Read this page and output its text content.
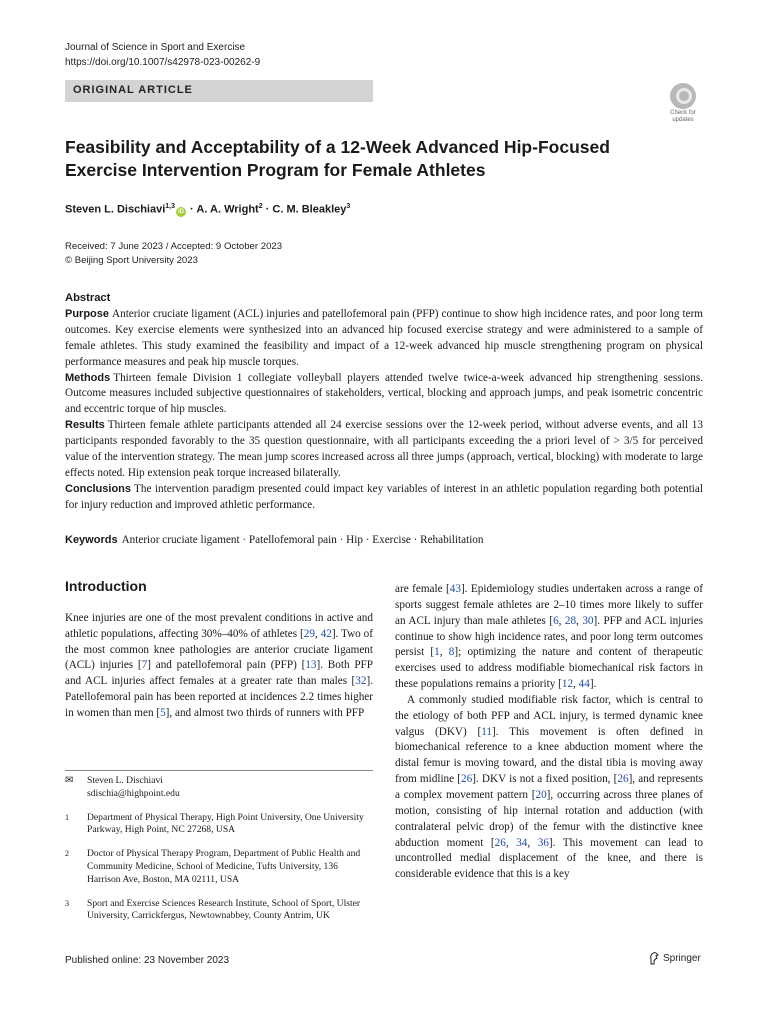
Journal of Science in Sport and Exercise
https://doi.org/10.1007/s42978-023-00262-9
ORIGINAL ARTICLE
Check for
updates
Feasibility and Acceptability of a 12-Week Advanced Hip-Focused
Exercise Intervention Program for Female Athletes
Steven L. Dischiavi$^{1,3}$iD · A. A. Wright$^2$ · C. M. Bleakley$^3$
Received: 7 June 2023 / Accepted: 9 October 2023
© Beijing Sport University 2023
Abstract
Purpose Anterior cruciate ligament (ACL) injuries and patellofemoral pain (PFP) continue to show high incidence rates, and poor long term outcomes. Key exercise elements were synthesized into an advanced hip focused exercise strategy and were administered to a sample of female athletes. This study examined the feasibility and impact of a 12-week advanced hip muscle strengthening program on physical performance measures and peak hip muscle torques.
Methods Thirteen female Division 1 collegiate volleyball players attended twelve twice-a-week advanced hip strengthening sessions. Outcome measures included subjective questionnaires of stakeholders, vertical, blocking and approach jumps, and peak isometric concentric and eccentric torque of hip muscles.
Results Thirteen female athlete participants attended all 24 exercise sessions over the 12-week period, without adverse events, and all 13 participants responded favorably to the 35 question questionnaire, with all participants exceeding the a priori level of > 3/5 for perceived value of the intervention strategy. The mean jump scores increased across all three jumps (approach, vertical, blocking) with moderate to large effects noted. Hip extension peak torque increased bilaterally.
Conclusions The intervention paradigm presented could impact key variables of interest in an athletic population regarding both potential for injury reduction and improved athletic performance.
Keywords Anterior cruciate ligament · Patellofemoral pain · Hip · Exercise · Rehabilitation
Introduction

Knee injuries are one of the most prevalent conditions in active and athletic populations, affecting 30%–40% of athletes [29, 42]. Two of the most common knee pathologies are anterior cruciate ligament (ACL) injuries [7] and patellofemoral pain (PFP) [13]. Both PFP and ACL injuries affect females at a greater rate than males [32]. Patellofemoral pain has been reported at incidences 2.2 times higher in women than men [5], and almost two thirds of runners with PFP

are female [43]. Epidemiology studies undertaken across a range of sports suggest female athletes are 2–10 times more likely to suffer an ACL injury than male athletes [6, 28, 30]. PFP and ACL injuries continue to show high incidence rates, and poor long term outcomes persist [1, 8]; optimizing the nature and content of therapeutic exercises used to address modifiable biomechanical risk factors in these populations remains a priority [12, 44].

A commonly studied modifiable risk factor, which is central to the etiology of both PFP and ACL injury, is termed dynamic knee valgus (DKV) [11]. This movement is often defined in biomechanical reference to a knee abduction moment where the distal femur is moving toward, and the distal tibia is moving away from midline [26]. DKV is not a fixed position, [26], and represents a complex movement pattern [20], occurring across three planes of motion, consisting of hip internal rotation and adduction (with contralateral pelvic drop) of the femur with the distinctive knee abduction moment [26, 34, 36]. This movement can lead to uncontrolled medial displacement of the knee, and there is considerable evidence that this is a key

✉	Steven L. Dischiavi
sdischia@highpoint.edu
1	Department of Physical Therapy, High Point University, One University Parkway, High Point, NC 27268, USA
2	Doctor of Physical Therapy Program, Department of Public Health and Community Medicine, School of Medicine, Tufts University, 136 Harrison Ave, Boston, MA 02111, USA
3	Sport and Exercise Sciences Research Institute, School of Sport, Ulster University, Carrickfergus, Newtownabbey, County Antrim, UK
Published online: 23 November 2023	Springer
